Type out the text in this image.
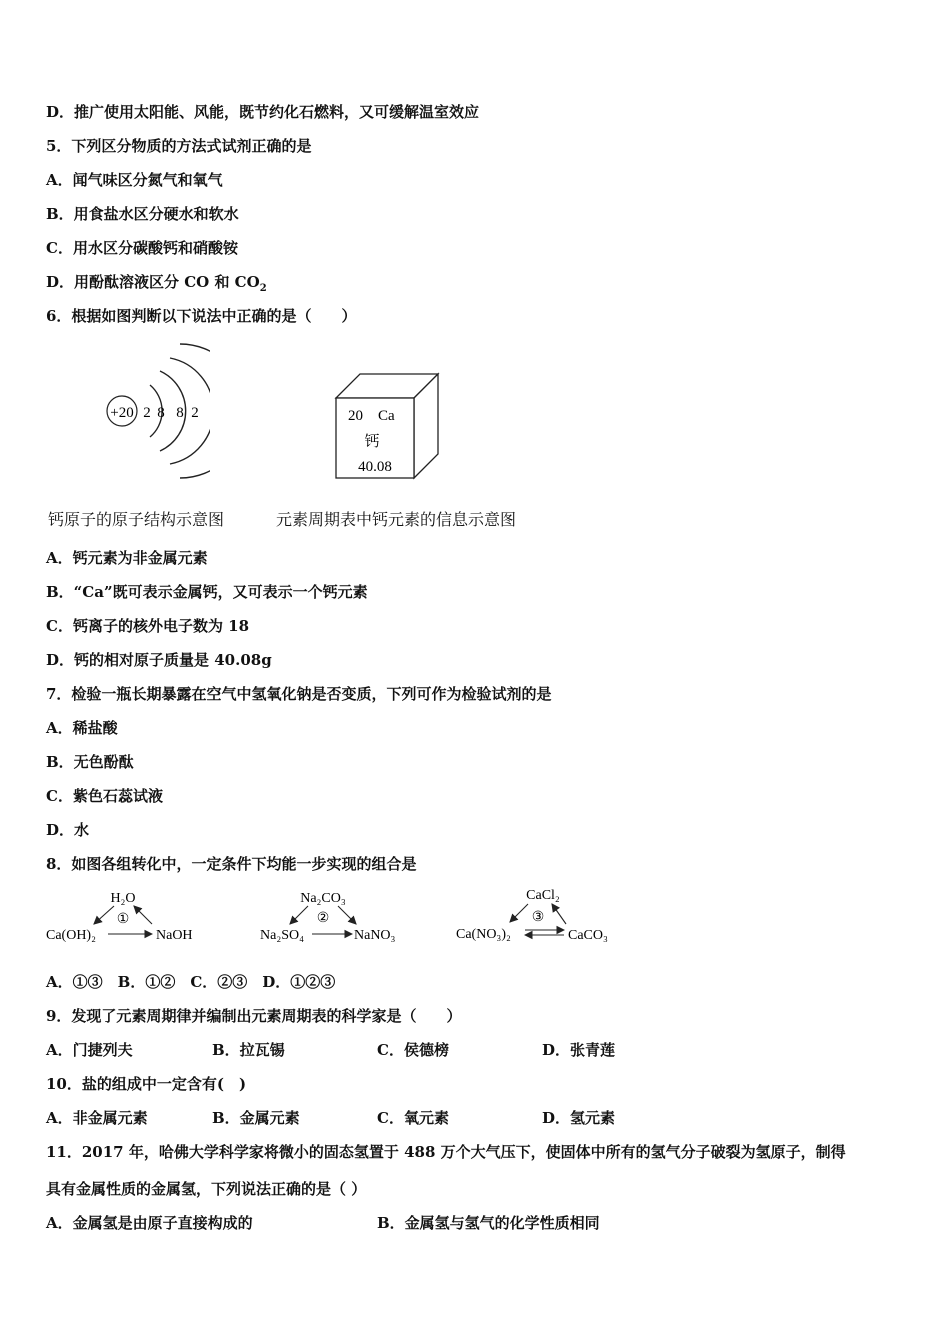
D．推广使用太阳能、风能，既节约化石燃料，又可缓解温室效应
5．下列区分物质的方法式试剂正确的是
A．闻气味区分氮气和氧气
B．用食盐水区分硬水和软水
C．用水区分碳酸钙和硝酸铵
D．用酚酞溶液区分 CO 和 $CO_2$
6．根据如图判断以下说法中正确的是（　　）
+20 2 8 8 2	20 Ca
钙
40.08
钙原子的原子结构示意图	元素周期表中钙元素的信息示意图
A．钙元素为非金属元素
B．“Ca”既可表示金属钙，又可表示一个钙元素
C．钙离子的核外电子数为 18
D．钙的相对原子质量是 40.08g
7．检验一瓶长期暴露在空气中氢氧化钠是否变质，下列可作为检验试剂的是
A．稀盐酸
B．无色酚酞
C．紫色石蕊试液
D．水
8．如图各组转化中，一定条件下均能一步实现的组合是
H₂O
①
Ca(OH)₂	NaOH
Na₂CO₃
②
Na₂SO₄	NaNO₃
CaCl₂
③
Ca(NO₃)₂	CaCO₃
A．①③　B．①②　C．②③　D．①②③
9．发现了元素周期律并编制出元素周期表的科学家是（　　）
A．门捷列夫	B．拉瓦锡	C．侯德榜	D．张青莲
10．盐的组成中一定含有(　)
A．非金属元素	B．金属元素	C．氧元素	D．氢元素
11．2017 年，哈佛大学科学家将微小的固态氢置于 488 万个大气压下，使固体中所有的氢气分子破裂为氢原子，制得
具有金属性质的金属氢，下列说法正确的是（ ）
A．金属氢是由原子直接构成的	B．金属氢与氢气的化学性质相同
